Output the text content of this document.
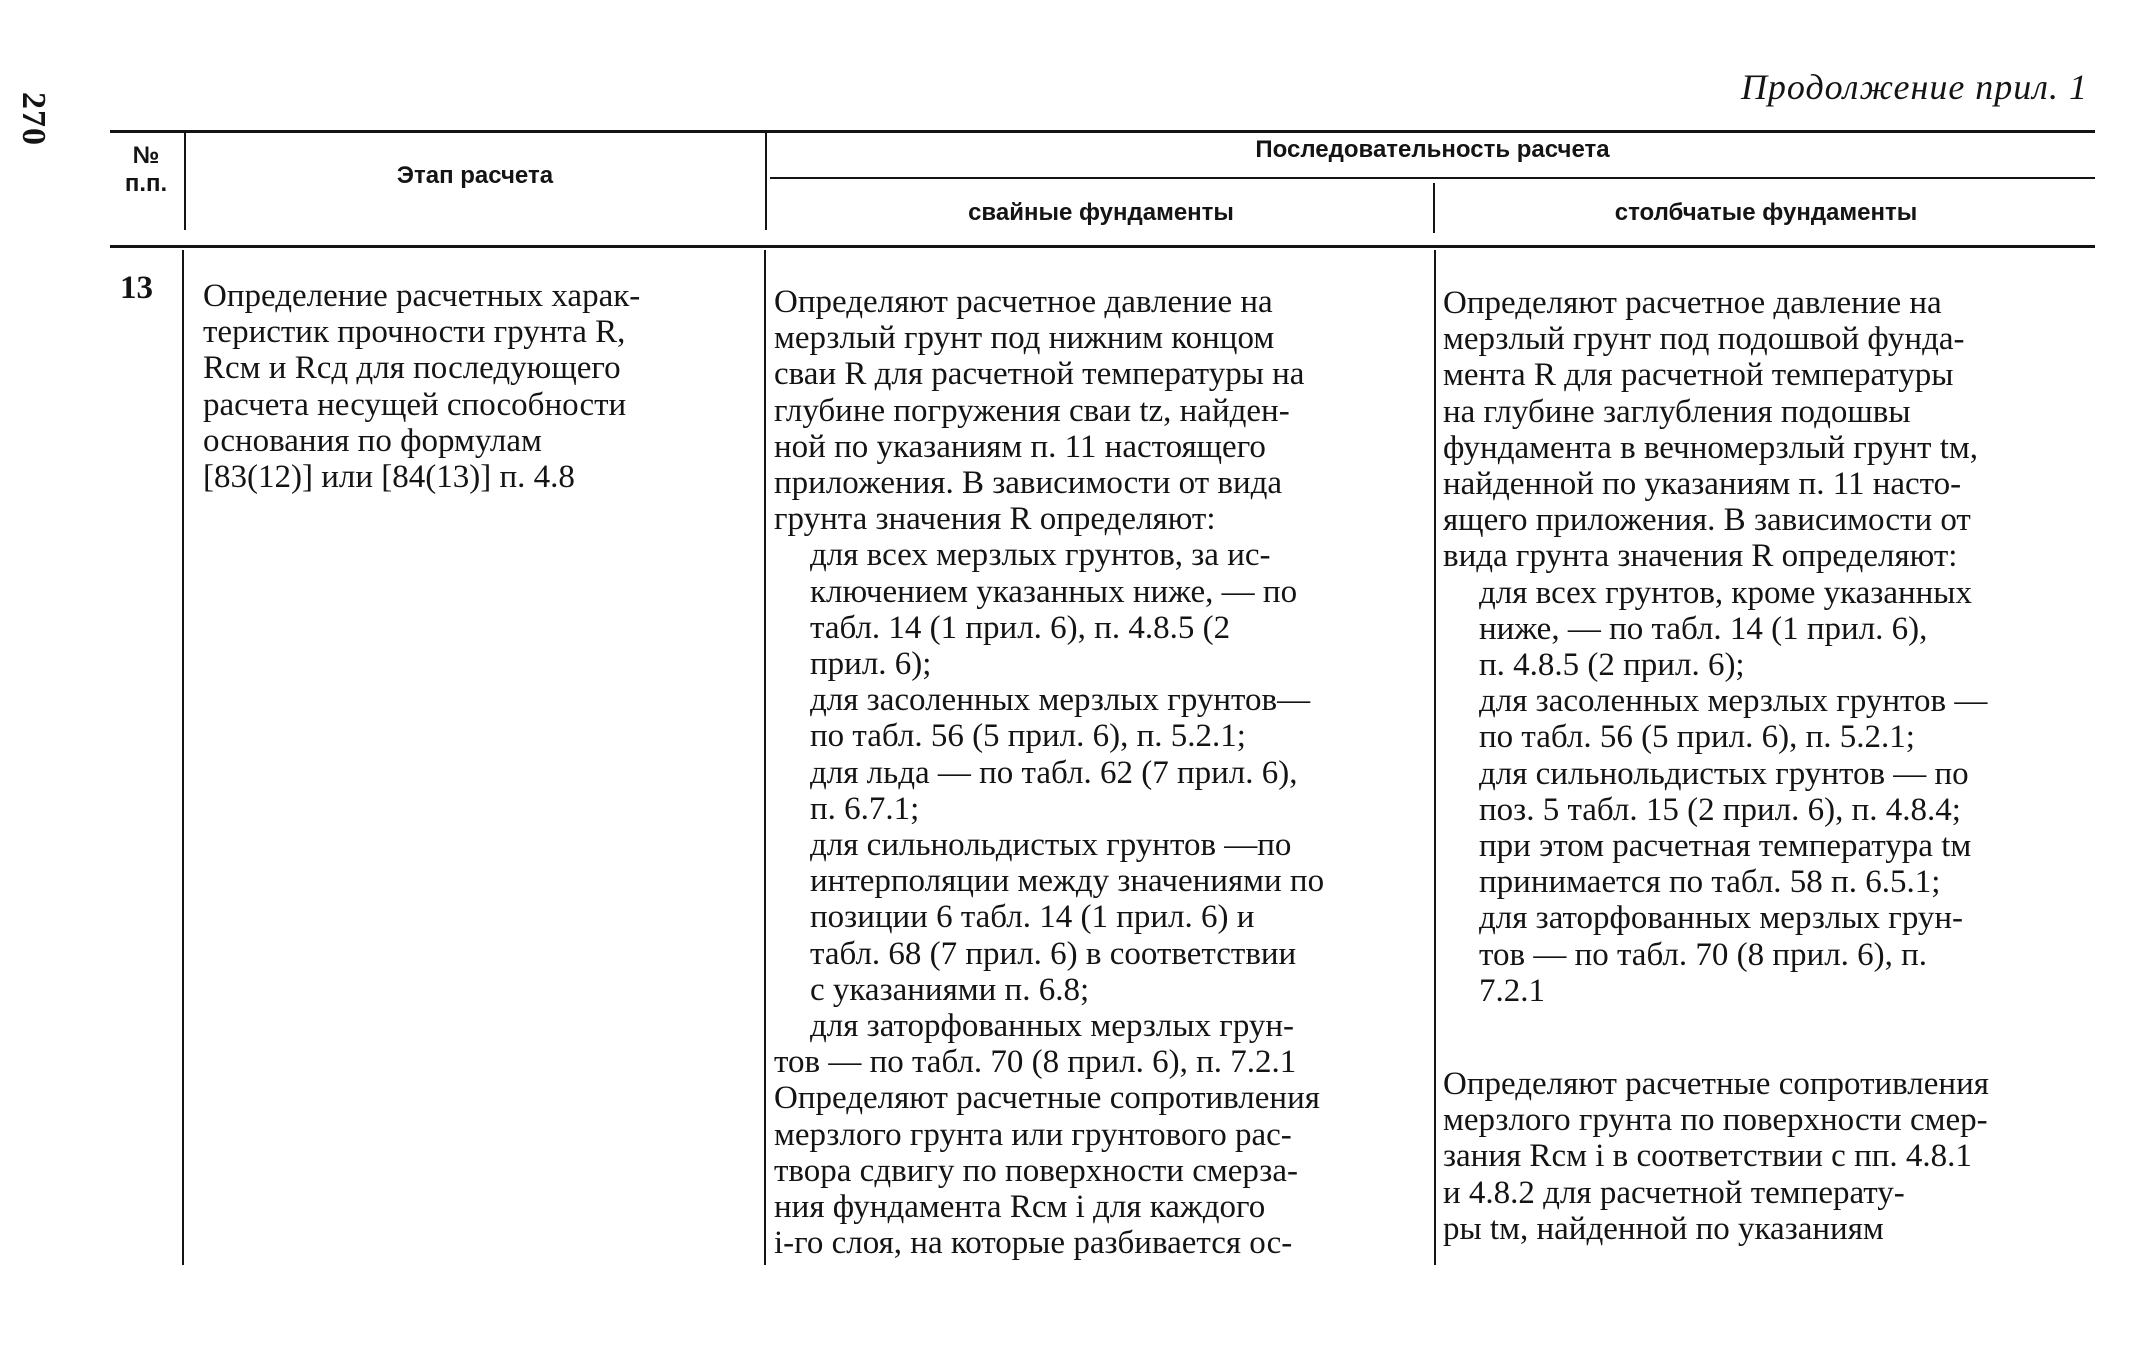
270
Продолжение прил. 1
№
п.п.	Этап расчета
Последовательность расчета
свайные фундаменты	столбчатые фундаменты
13 Определение расчетных харак-
теристик прочности грунта R,
Rсм и Rсд для последующего
расчета несущей способности
основания по формулам
[83(12)] или [84(13)] п. 4.8
Определяют расчетное давление на
мерзлый грунт под нижним концом
сваи R для расчетной температуры на
глубине погружения сваи tz, найден-
ной по указаниям п. 11 настоящего
приложения. В зависимости от вида
грунта значения R определяют:
для всех мерзлых грунтов, за ис-
ключением указанных ниже, — по
табл. 14 (1 прил. 6), п. 4.8.5 (2
прил. 6);
для засоленных мерзлых грунтов—
по табл. 56 (5 прил. 6), п. 5.2.1;
для льда — по табл. 62 (7 прил. 6),
п. 6.7.1;
для сильнольдистых грунтов —по
интерполяции между значениями по
позиции 6 табл. 14 (1 прил. 6) и
табл. 68 (7 прил. 6) в соответствии
с указаниями п. 6.8;
для заторфованных мерзлых грун-
тов — по табл. 70 (8 прил. 6), п. 7.2.1
Определяют расчетные сопротивления
мерзлого грунта или грунтового рас-
твора сдвигу по поверхности смерза-
ния фундамента Rсм i для каждого
i-го слоя, на которые разбивается ос-
Определяют расчетное давление на
мерзлый грунт под подошвой фунда-
мента R для расчетной температуры
на глубине заглубления подошвы
фундамента в вечномерзлый грунт tм,
найденной по указаниям п. 11 насто-
ящего приложения. В зависимости от
вида грунта значения R определяют:
для всех грунтов, кроме указанных
ниже, — по табл. 14 (1 прил. 6),
п. 4.8.5 (2 прил. 6);
для засоленных мерзлых грунтов —
по табл. 56 (5 прил. 6), п. 5.2.1;
для сильнольдистых грунтов — по
поз. 5 табл. 15 (2 прил. 6), п. 4.8.4;
при этом расчетная температура tм
принимается по табл. 58 п. 6.5.1;
для заторфованных мерзлых грун-
тов — по табл. 70 (8 прил. 6), п.
7.2.1
Определяют расчетные сопротивления
мерзлого грунта по поверхности смер-
зания Rсм i в соответствии с пп. 4.8.1
и 4.8.2 для расчетной температу-
ры tм, найденной по указаниям
